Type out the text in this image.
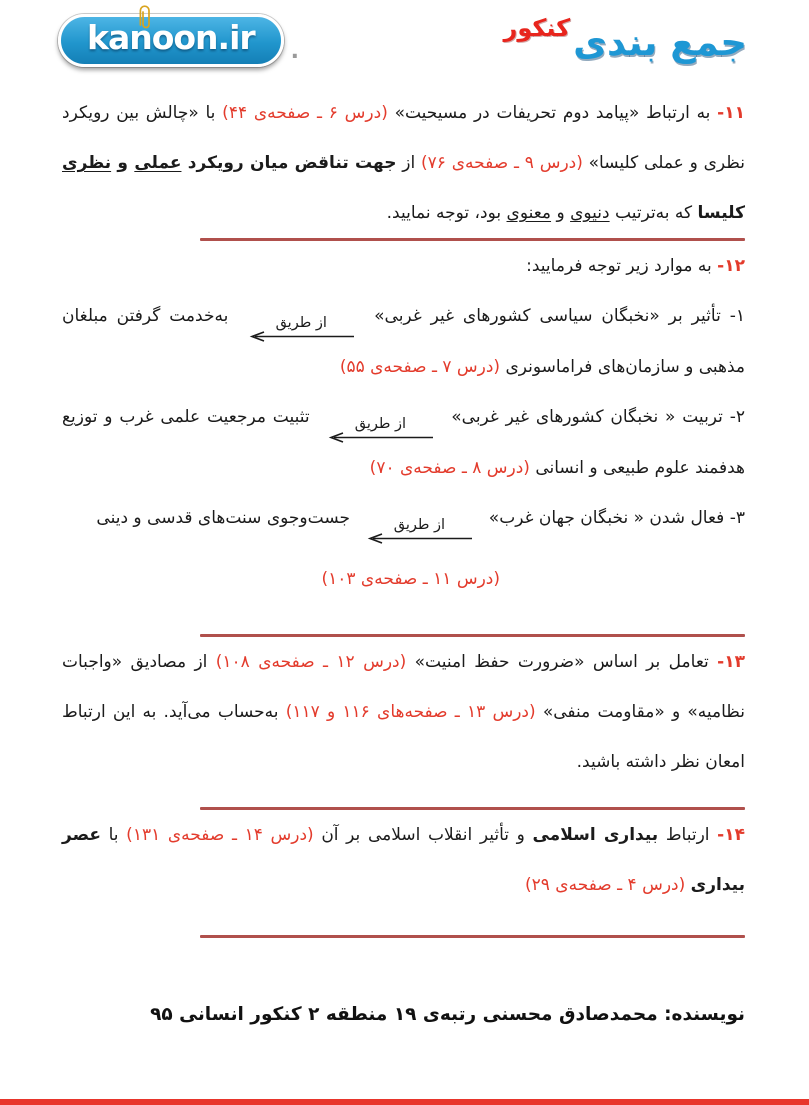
kanoon.ir	.	جمع بندی
کنکور

۱۱- به ارتباط «پیامد دوم تحریفات در مسیحیت» (درس ۶ ـ صفحه‌ی ۴۴) با «چالش بین رویکرد نظری و عملی کلیسا» (درس ۹ ـ صفحه‌ی ۷۶) از جهت تناقض میان رویکرد عملی و نظری کلیسا که به‌ترتیب دنیوی و معنوی بود، توجه نمایید.

۱۲- به موارد زیر توجه فرمایید:

۱- تأثیر بر «نخبگان سیاسی کشورهای غیر غربی»
از طریق
به‌خدمت گرفتن مبلغان مذهبی و سازمان‌های فراماسونری (درس ۷ ـ صفحه‌ی ۵۵)

۲- تربیت « نخبگان کشورهای غیر غربی»
از طریق
تثبیت مرجعیت علمی غرب و توزیع هدفمند علوم طبیعی و انسانی (درس ۸ ـ صفحه‌ی ۷۰)

۳- فعال شدن « نخبگان جهان غرب»
از طریق
جست‌وجوی سنت‌های قدسی و دینی

(درس ۱۱ ـ صفحه‌ی ۱۰۳)

۱۳- تعامل بر اساس «ضرورت حفظ امنیت» (درس ۱۲ ـ صفحه‌ی ۱۰۸) از مصادیق «واجبات نظامیه» و «مقاومت منفی» (درس ۱۳ ـ صفحه‌های ۱۱۶ و ۱۱۷) به‌حساب می‌آید. به این ارتباط امعان نظر داشته باشید.

۱۴- ارتباط بیداری اسلامی و تأثیر انقلاب اسلامی بر آن (درس ۱۴ ـ صفحه‌ی ۱۳۱) با عصر بیداری (درس ۴ ـ صفحه‌ی ۲۹)

نویسنده: محمدصادق محسنی رتبه‌ی ۱۹ منطقه ۲ کنکور انسانی ۹۵
